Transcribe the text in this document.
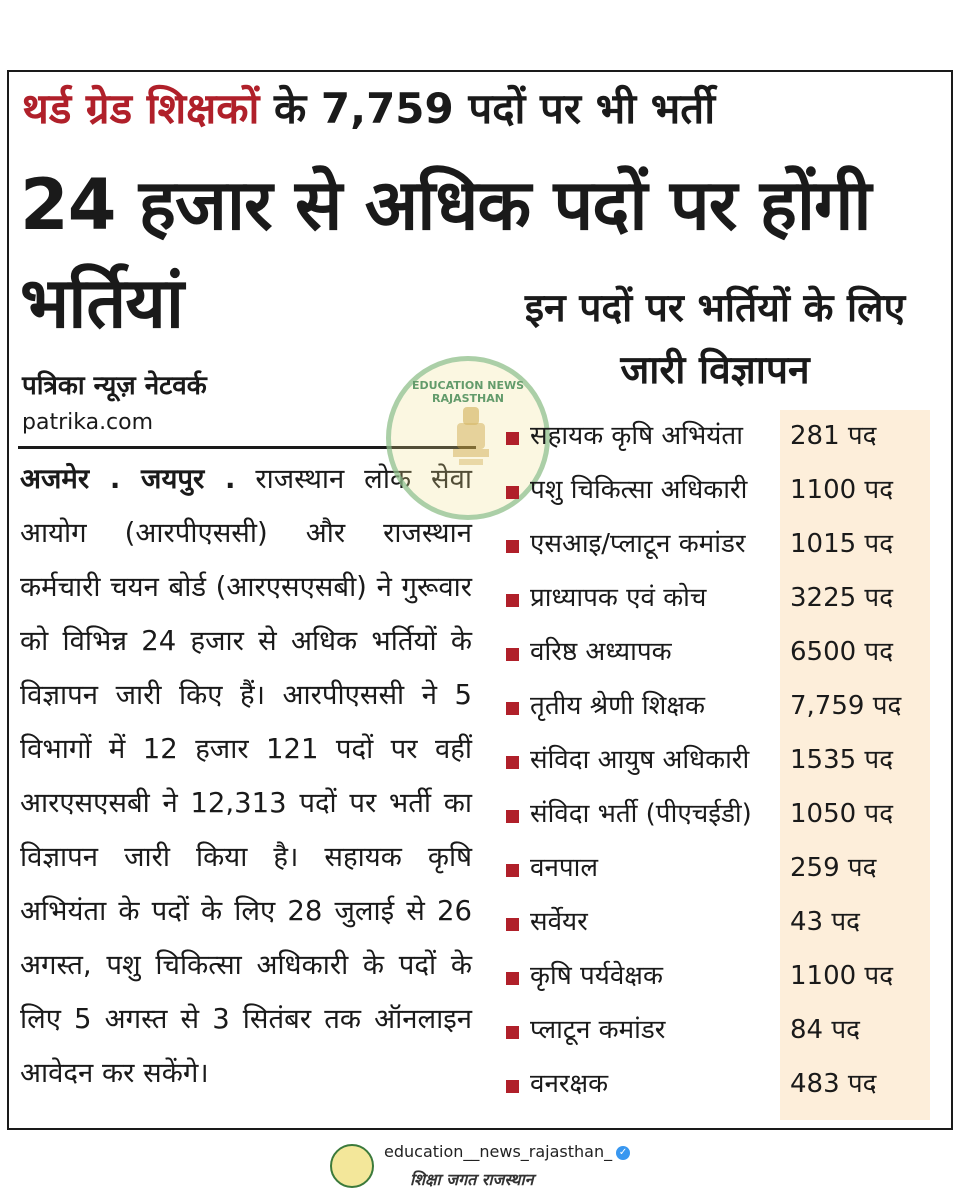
थर्ड ग्रेड शिक्षकों के 7,759 पदों पर भी भर्ती
24 हजार से अधिक पदों पर होंगी भर्तियां	इन पदों पर भर्तियों के लिए जारी विज्ञापन
पत्रिका न्यूज़ नेटवर्क
patrika.com
अजमेर . जयपुर . राजस्थान लोक सेवा आयोग (आरपीएससी) और राजस्थान कर्मचारी चयन बोर्ड (आरएसएसबी) ने गुरूवार को विभिन्न 24 हजार से अधिक भर्तियों के विज्ञापन जारी किए हैं। आरपीएससी ने 5 विभागों में 12 हजार 121 पदों पर वहीं आरएसएसबी ने 12,313 पदों पर भर्ती का विज्ञापन जारी किया है। सहायक कृषि अभियंता के पदों के लिए 28 जुलाई से 26 अगस्त, पशु चिकित्सा अधिकारी के पदों के लिए 5 अगस्त से 3 सितंबर तक ऑनलाइन आवेदन कर सकेंगे।
EDUCATION NEWS RAJASTHAN
सहायक कृषि अभियंता 281 पद
पशु चिकित्सा अधिकारी 1100 पद
एसआइ/प्लाटून कमांडर 1015 पद
प्राध्यापक एवं कोच	3225 पद
वरिष्ठ अध्यापक	6500 पद
तृतीय श्रेणी शिक्षक	7,759 पद
संविदा आयुष अधिकारी 1535 पद
संविदा भर्ती (पीएचईडी) 1050 पद
वनपाल	259 पद
सर्वेयर	43 पद
कृषि पर्यवेक्षक	1100 पद
प्लाटून कमांडर	84 पद
वनरक्षक	483 पद
education__news_rajasthan_ ✓
शिक्षा जगत राजस्थान
